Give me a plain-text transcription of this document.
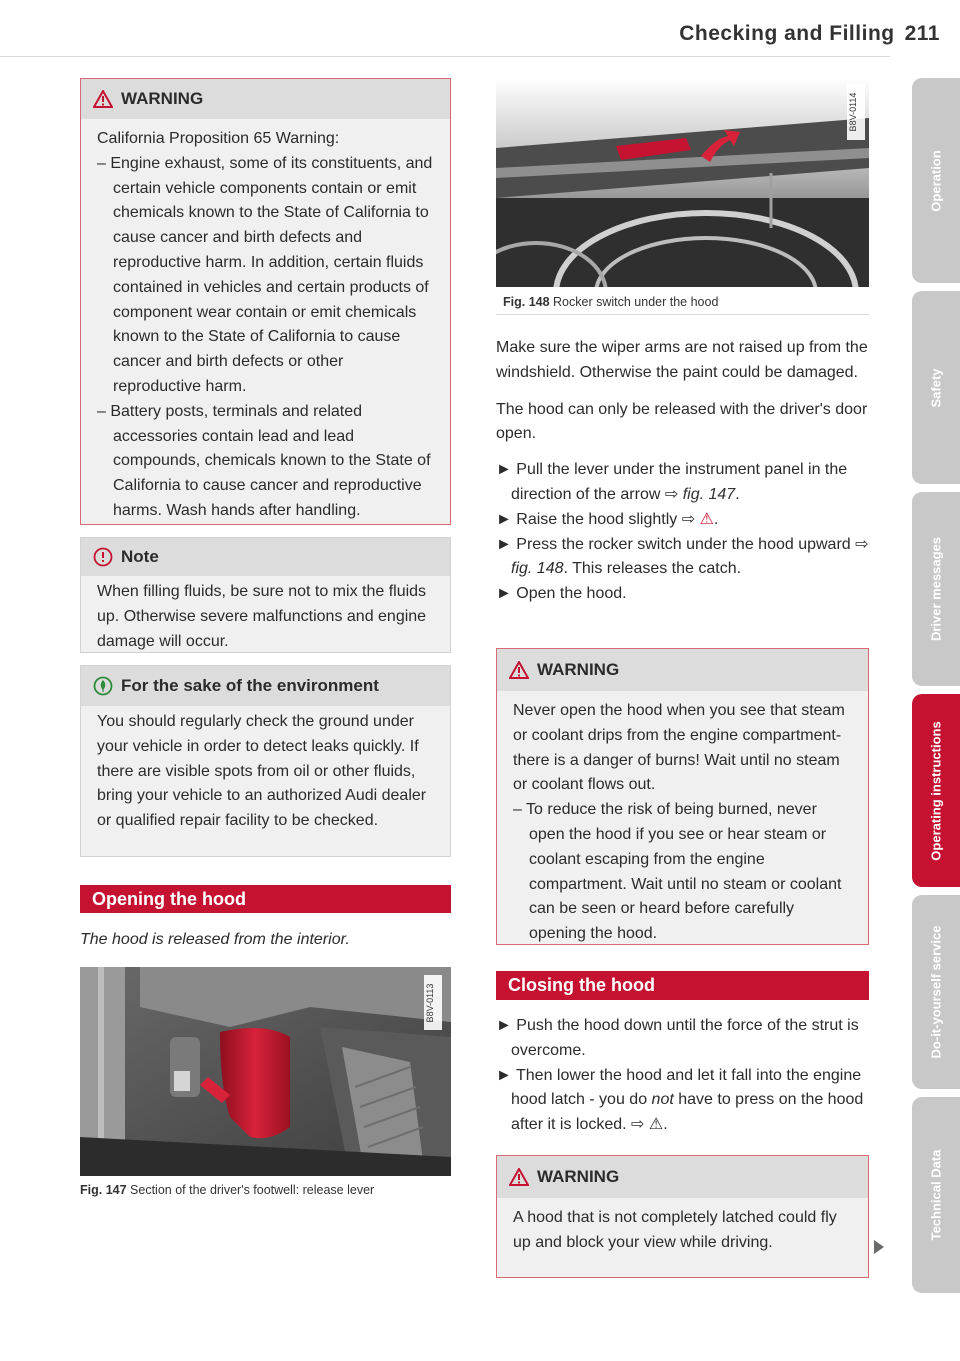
Checking and Filling 211
WARNING

California Proposition 65 Warning:

– Engine exhaust, some of its constituents, and certain vehicle components contain or emit chemicals known to the State of California to cause cancer and birth defects and reproductive harm. In addition, certain fluids contained in vehicles and certain products of component wear contain or emit chemicals known to the State of California to cause cancer and birth defects or other reproductive harm.

– Battery posts, terminals and related accessories contain lead and lead compounds, chemicals known to the State of California to cause cancer and reproductive harms. Wash hands after handling.

Note

When filling fluids, be sure not to mix the fluids up. Otherwise severe malfunctions and engine damage will occur.

For the sake of the environment

You should regularly check the ground under your vehicle in order to detect leaks quickly. If there are visible spots from oil or other fluids, bring your vehicle to an authorized Audi dealer or qualified repair facility to be checked.

Opening the hood
The hood is released from the interior.
B8V-0113
Fig. 147 Section of the driver's footwell: release lever
B8V-0114
Fig. 148 Rocker switch under the hood

Make sure the wiper arms are not raised up from the windshield. Otherwise the paint could be damaged.

The hood can only be released with the driver's door open.

► Pull the lever under the instrument panel in the direction of the arrow ⇨ fig. 147.

► Raise the hood slightly ⇨ ⚠.

► Press the rocker switch under the hood upward ⇨ fig. 148. This releases the catch.

► Open the hood.

WARNING

Never open the hood when you see that steam or coolant drips from the engine compartment- there is a danger of burns! Wait until no steam or coolant flows out.

– To reduce the risk of being burned, never open the hood if you see or hear steam or coolant escaping from the engine compartment. Wait until no steam or coolant can be seen or heard before carefully opening the hood.

Closing the hood

► Push the hood down until the force of the strut is overcome.

► Then lower the hood and let it fall into the engine hood latch - you do not have to press on the hood after it is locked. ⇨ ⚠.

WARNING

A hood that is not completely latched could fly up and block your view while driving.

Operation
Safety
Driver messages
Operating instructions
Do-it-yourself service
Technical Data
